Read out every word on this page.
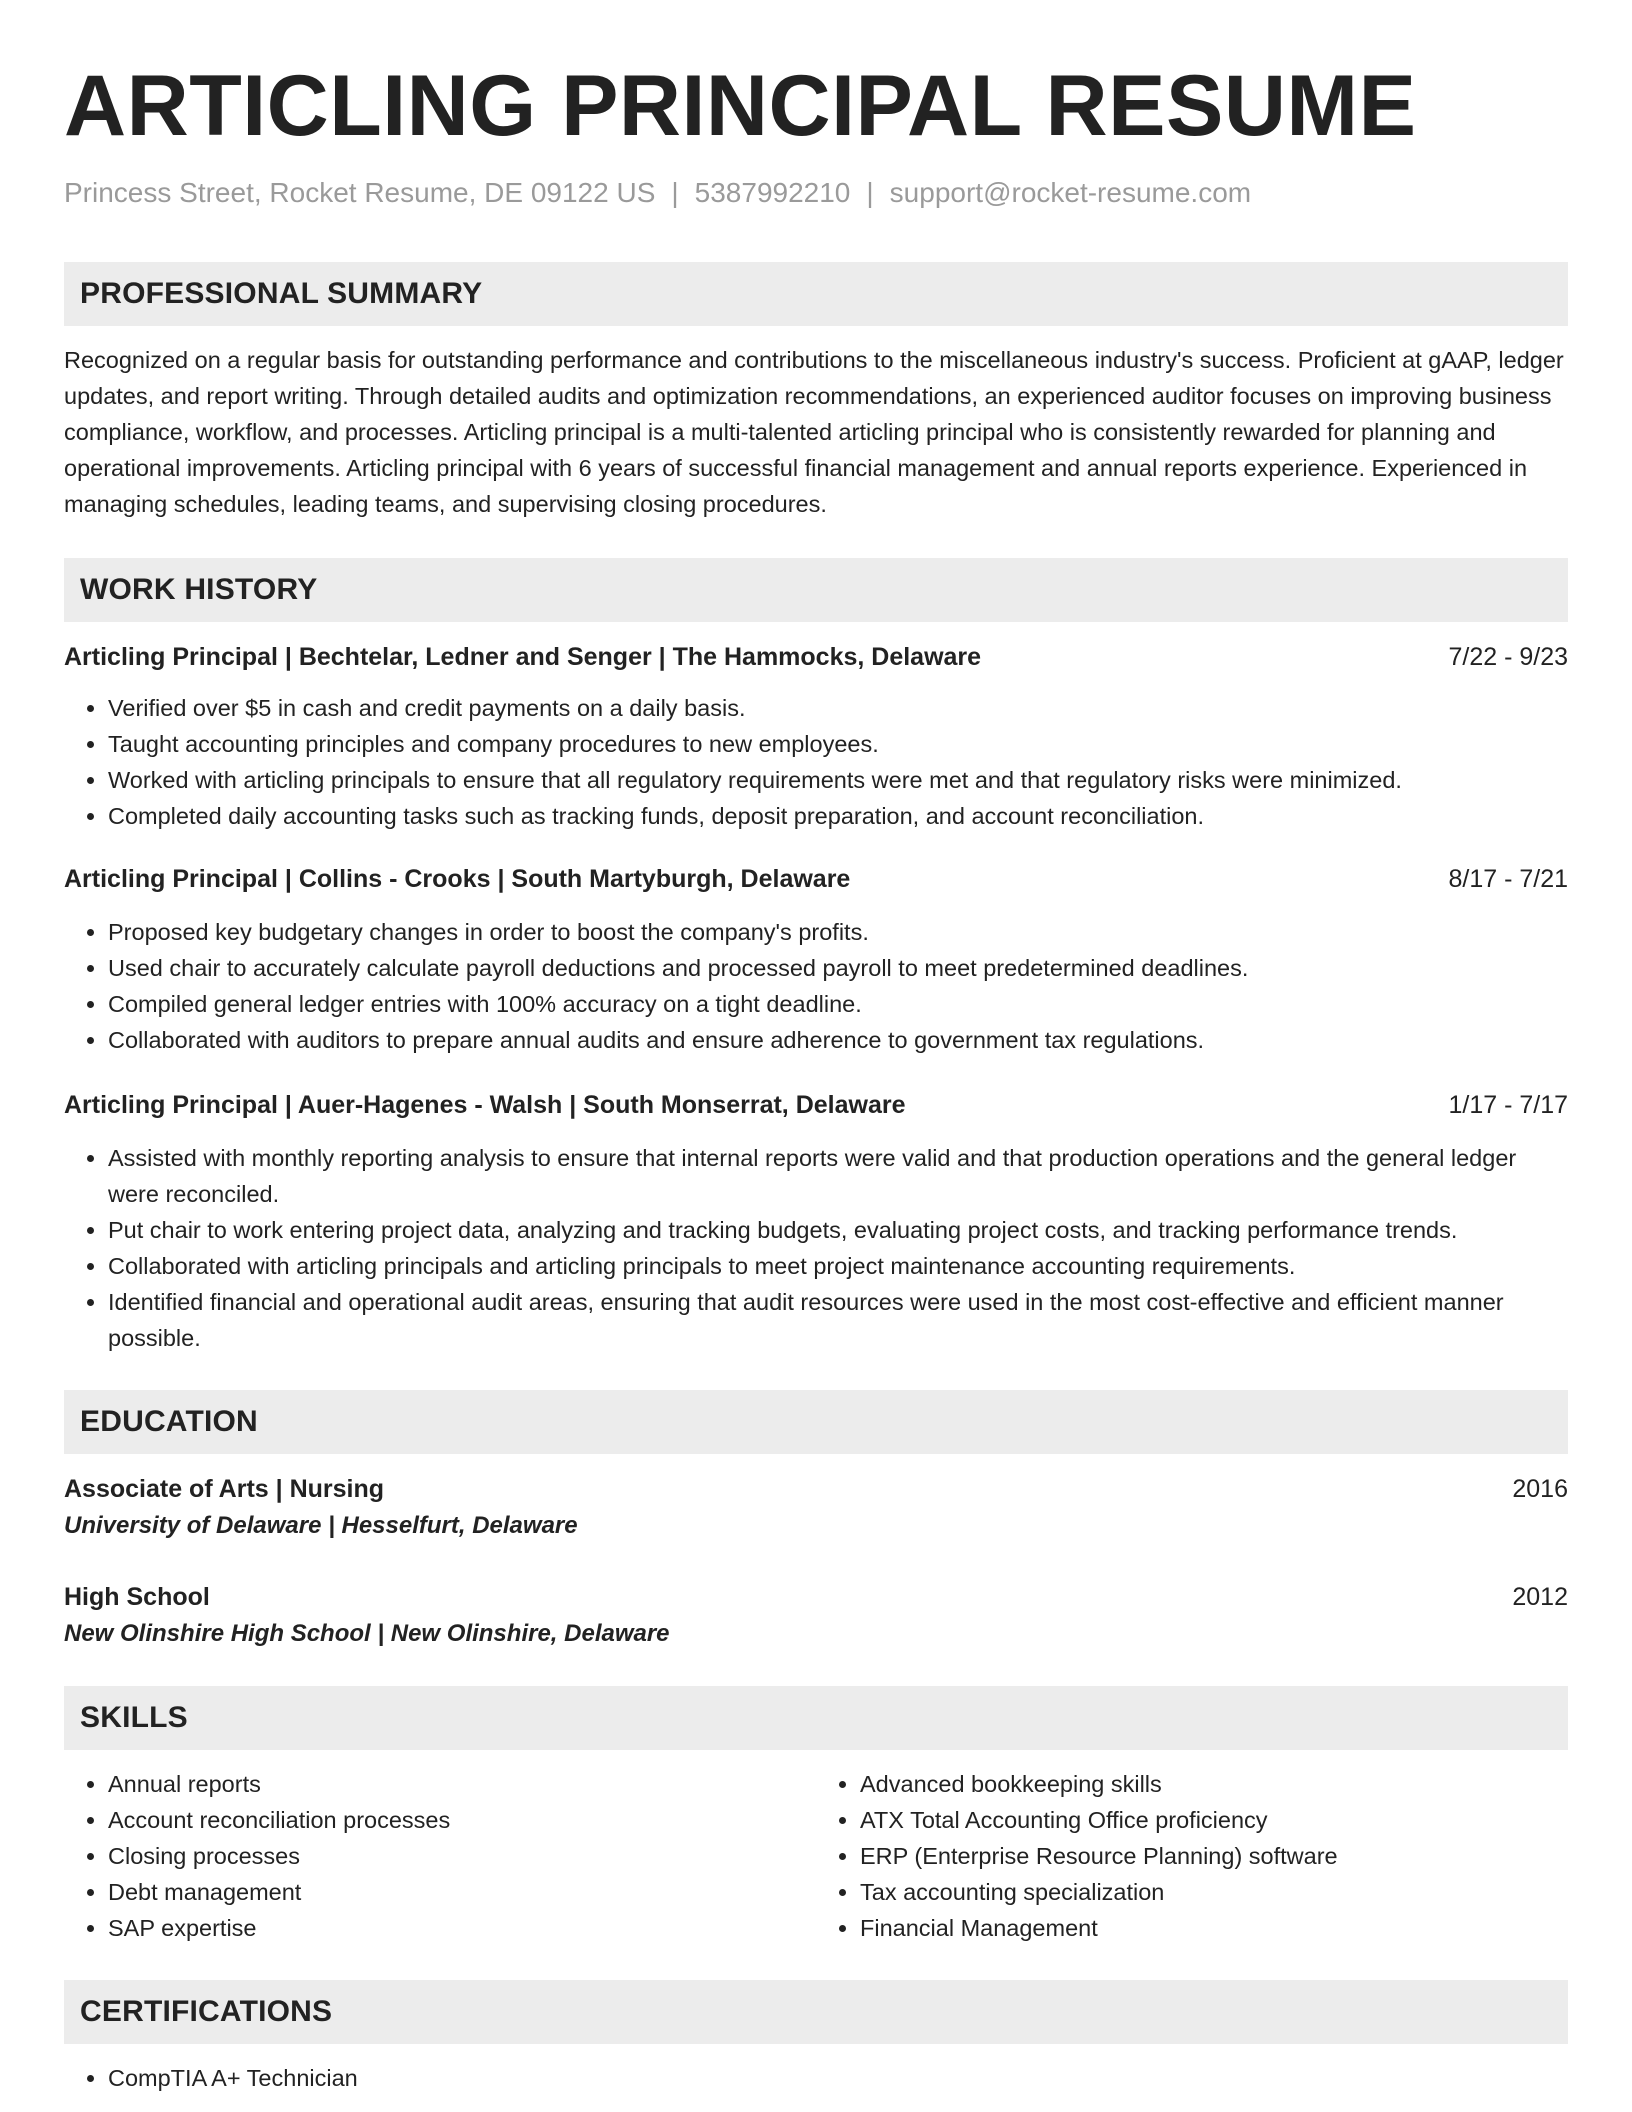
ARTICLING PRINCIPAL RESUME
Princess Street, Rocket Resume, DE 09122 US | 5387992210 | support@rocket-resume.com
PROFESSIONAL SUMMARY

Recognized on a regular basis for outstanding performance and contributions to the miscellaneous industry's success. Proficient at gAAP, ledger updates, and report writing. Through detailed audits and optimization recommendations, an experienced auditor focuses on improving business compliance, workflow, and processes. Articling principal is a multi-talented articling principal who is consistently rewarded for planning and operational improvements. Articling principal with 6 years of successful financial management and annual reports experience. Experienced in managing schedules, leading teams, and supervising closing procedures.

WORK HISTORY
Articling Principal | Bechtelar, Ledner and Senger | The Hammocks, Delaware	7/22 - 9/23
• Verified over $5 in cash and credit payments on a daily basis.
• Taught accounting principles and company procedures to new employees.
• Worked with articling principals to ensure that all regulatory requirements were met and that regulatory risks were minimized.
• Completed daily accounting tasks such as tracking funds, deposit preparation, and account reconciliation.
Articling Principal | Collins - Crooks | South Martyburgh, Delaware	8/17 - 7/21
• Proposed key budgetary changes in order to boost the company's profits.
• Used chair to accurately calculate payroll deductions and processed payroll to meet predetermined deadlines.
• Compiled general ledger entries with 100% accuracy on a tight deadline.
• Collaborated with auditors to prepare annual audits and ensure adherence to government tax regulations.
Articling Principal | Auer-Hagenes - Walsh | South Monserrat, Delaware	1/17 - 7/17
• Assisted with monthly reporting analysis to ensure that internal reports were valid and that production operations and the general ledger were reconciled.
• Put chair to work entering project data, analyzing and tracking budgets, evaluating project costs, and tracking performance trends.
• Collaborated with articling principals and articling principals to meet project maintenance accounting requirements.
• Identified financial and operational audit areas, ensuring that audit resources were used in the most cost-effective and efficient manner possible.
EDUCATION
Associate of Arts | Nursing	2016
University of Delaware | Hesselfurt, Delaware
High School	2012
New Olinshire High School | New Olinshire, Delaware
SKILLS
• Annual reports
• Account reconciliation processes
• Closing processes
• Debt management
• SAP expertise
• Advanced bookkeeping skills
• ATX Total Accounting Office proficiency
• ERP (Enterprise Resource Planning) software
• Tax accounting specialization
• Financial Management
CERTIFICATIONS
• CompTIA A+ Technician
